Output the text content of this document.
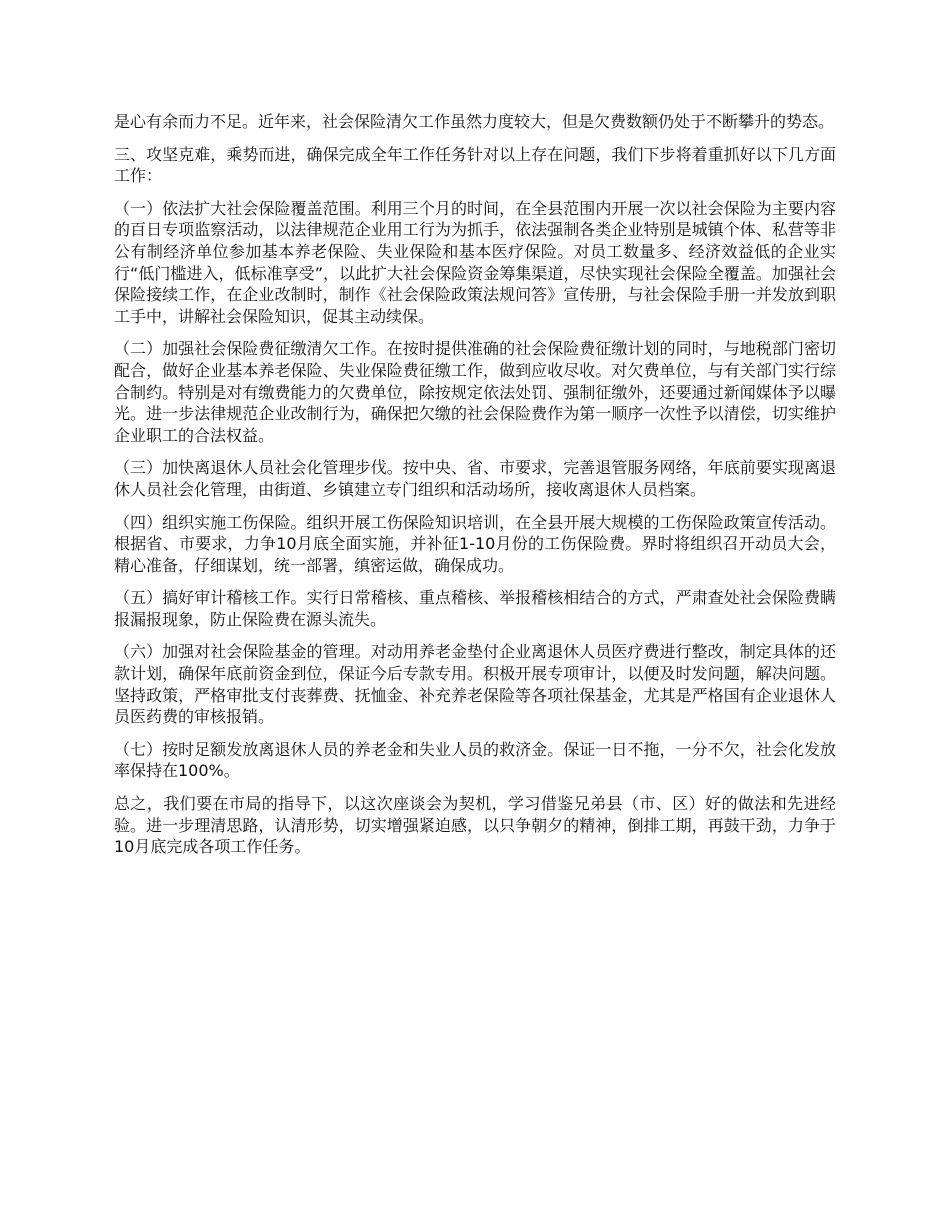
是心有余而力不足。近年来，社会保险清欠工作虽然力度较大，但是欠费数额仍处于不断攀升的势态。

三、攻坚克难，乘势而进，确保完成全年工作任务针对以上存在问题，我们下步将着重抓好以下几方面工作：

（一）依法扩大社会保险覆盖范围。利用三个月的时间，在全县范围内开展一次以社会保险为主要内容的百日专项监察活动，以法律规范企业用工行为为抓手，依法强制各类企业特别是城镇个体、私营等非公有制经济单位参加基本养老保险、失业保险和基本医疗保险。对员工数量多、经济效益低的企业实行“低门槛进入，低标准享受”，以此扩大社会保险资金筹集渠道，尽快实现社会保险全覆盖。加强社会保险接续工作，在企业改制时，制作《社会保险政策法规问答》宣传册，与社会保险手册一并发放到职工手中，讲解社会保险知识，促其主动续保。

（二）加强社会保险费征缴清欠工作。在按时提供准确的社会保险费征缴计划的同时，与地税部门密切配合，做好企业基本养老保险、失业保险费征缴工作，做到应收尽收。对欠费单位，与有关部门实行综合制约。特别是对有缴费能力的欠费单位，除按规定依法处罚、强制征缴外，还要通过新闻媒体予以曝光。进一步法律规范企业改制行为，确保把欠缴的社会保险费作为第一顺序一次性予以清偿，切实维护企业职工的合法权益。

（三）加快离退休人员社会化管理步伐。按中央、省、市要求，完善退管服务网络，年底前要实现离退休人员社会化管理，由街道、乡镇建立专门组织和活动场所，接收离退休人员档案。

（四）组织实施工伤保险。组织开展工伤保险知识培训，在全县开展大规模的工伤保险政策宣传活动。根据省、市要求，力争10月底全面实施，并补征1-10月份的工伤保险费。界时将组织召开动员大会，精心准备，仔细谋划，统一部署，缜密运做，确保成功。

（五）搞好审计稽核工作。实行日常稽核、重点稽核、举报稽核相结合的方式，严肃查处社会保险费瞒报漏报现象，防止保险费在源头流失。

（六）加强对社会保险基金的管理。对动用养老金垫付企业离退休人员医疗费进行整改，制定具体的还款计划，确保年底前资金到位，保证今后专款专用。积极开展专项审计，以便及时发问题，解决问题。坚持政策，严格审批支付丧葬费、抚恤金、补充养老保险等各项社保基金，尤其是严格国有企业退休人员医药费的审核报销。

（七）按时足额发放离退休人员的养老金和失业人员的救济金。保证一日不拖，一分不欠，社会化发放率保持在100%。

总之，我们要在市局的指导下，以这次座谈会为契机，学习借鉴兄弟县（市、区）好的做法和先进经验。进一步理清思路，认清形势，切实增强紧迫感，以只争朝夕的精神，倒排工期，再鼓干劲，力争于10月底完成各项工作任务。
